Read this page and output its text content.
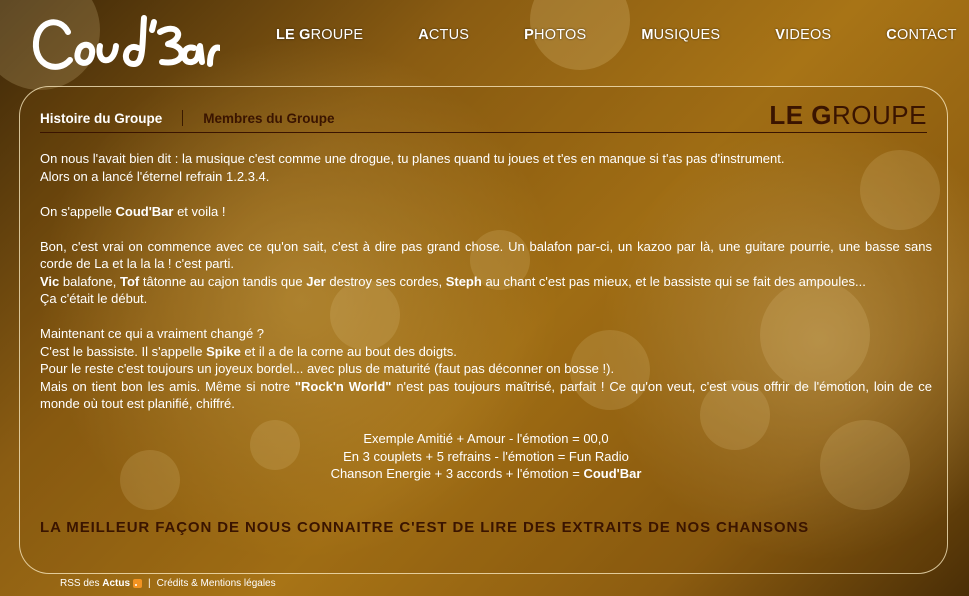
LE GROUPE	ACTUS	PHOTOS	MUSIQUES	VIDEOS	CONTACT
Histoire du Groupe	Membres du Groupe	LE GROUPE

On nous l'avait bien dit : la musique c'est comme une drogue, tu planes quand tu joues et t'es en manque si t'as pas d'instrument.
Alors on a lancé l'éternel refrain 1.2.3.4.

On s'appelle Coud'Bar et voila !

Bon, c'est vrai on commence avec ce qu'on sait, c'est à dire pas grand chose. Un balafon par-ci, un kazoo par là, une guitare pourrie, une basse sans corde de La et la la la ! c'est parti.
Vic balafone, Tof tâtonne au cajon tandis que Jer destroy ses cordes, Steph au chant c'est pas mieux, et le bassiste qui se fait des ampoules...
Ça c'était le début.

Maintenant ce qui a vraiment changé ?
C'est le bassiste. Il s'appelle Spike et il a de la corne au bout des doigts.
Pour le reste c'est toujours un joyeux bordel... avec plus de maturité (faut pas déconner on bosse !).
Mais on tient bon les amis. Même si notre "Rock'n World" n'est pas toujours maîtrisé, parfait ! Ce qu'on veut, c'est vous offrir de l'émotion, loin de ce monde où tout est planifié, chiffré.

Exemple Amitié + Amour - l'émotion = 00,0
En 3 couplets + 5 refrains - l'émotion = Fun Radio
Chanson Energie + 3 accords + l'émotion = Coud'Bar

LA MEILLEUR FAÇON DE NOUS CONNAITRE C'EST DE LIRE DES EXTRAITS DE NOS CHANSONS
RSS des Actus | Crédits & Mentions légales
